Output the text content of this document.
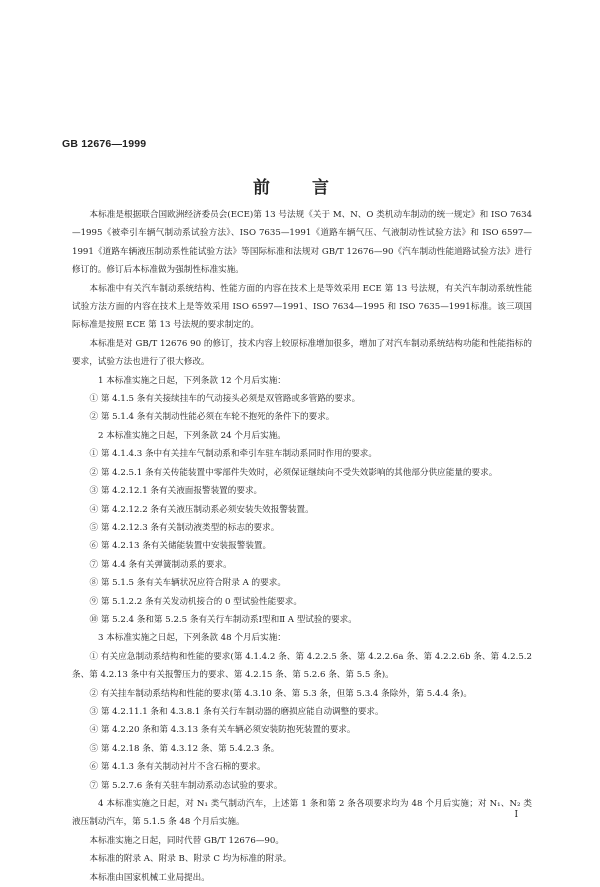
GB 12676—1999
前 言

本标准是根据联合国欧洲经济委员会(ECE)第 13 号法规《关于 M、N、O 类机动车制动的统一规定》和 ISO 7634—1995《被牵引车辆气制动系试验方法》、ISO 7635—1991《道路车辆气压、气液制动性试验方法》和 ISO 6597—1991《道路车辆液压制动系性能试验方法》等国际标准和法规对 GB/T 12676—90《汽车制动性能道路试验方法》进行修订的。修订后本标准做为强制性标准实施。

本标准中有关汽车制动系统结构、性能方面的内容在技术上是等效采用 ECE 第 13 号法规，有关汽车制动系统性能试验方法方面的内容在技术上是等效采用 ISO 6597—1991、ISO 7634—1995 和 ISO 7635—1991标准。该三项国际标准是按照 ECE 第 13 号法规的要求制定的。

本标准是对 GB/T 12676 90 的修订，技术内容上较原标准增加很多，增加了对汽车制动系统结构功能和性能指标的要求，试验方法也进行了很大修改。

1 本标准实施之日起，下列条款 12 个月后实施：

① 第 4.1.5 条有关接续挂车的气动接头必须是双管路或多管路的要求。

② 第 5.1.4 条有关制动性能必须在车轮不抱死的条件下的要求。

2 本标准实施之日起，下列条款 24 个月后实施。

① 第 4.1.4.3 条中有关挂车气制动系和牵引车驻车制动系同时作用的要求。

② 第 4.2.5.1 条有关传能装置中零部件失效时，必须保证继续向不受失效影响的其他部分供应能量的要求。

③ 第 4.2.12.1 条有关液面报警装置的要求。

④ 第 4.2.12.2 条有关液压制动系必须安装失效报警装置。

⑤ 第 4.2.12.3 条有关制动液类型的标志的要求。

⑥ 第 4.2.13 条有关储能装置中安装报警装置。

⑦ 第 4.4 条有关弹簧制动系的要求。

⑧ 第 5.1.5 条有关车辆状况应符合附录 A 的要求。

⑨ 第 5.1.2.2 条有关发动机接合的 0 型试验性能要求。

⑩ 第 5.2.4 条和第 5.2.5 条有关行车制动系Ⅰ型和Ⅱ A 型试验的要求。

3 本标准实施之日起，下列条款 48 个月后实施：

① 有关应急制动系结构和性能的要求(第 4.1.4.2 条、第 4.2.2.5 条、第 4.2.2.6a 条、第 4.2.2.6b 条、第 4.2.5.2 条、第 4.2.13 条中有关报警压力的要求、第 4.2.15 条、第 5.2.6 条、第 5.5 条)。

② 有关挂车制动系结构和性能的要求(第 4.3.10 条、第 5.3 条，但第 5.3.4 条除外，第 5.4.4 条)。

③ 第 4.2.11.1 条和 4.3.8.1 条有关行车制动器的磨损应能自动调整的要求。

④ 第 4.2.20 条和第 4.3.13 条有关车辆必须安装防抱死装置的要求。

⑤ 第 4.2.18 条、第 4.3.12 条、第 5.4.2.3 条。

⑥ 第 4.1.3 条有关制动衬片不含石棉的要求。

⑦ 第 5.2.7.6 条有关驻车制动系动态试验的要求。

4 本标准实施之日起，对 N₁ 类气制动汽车，上述第 1 条和第 2 条各项要求均为 48 个月后实施；对 N₁、N₂ 类液压制动汽车，第 5.1.5 条 48 个月后实施。

本标准实施之日起，同时代替 GB/T 12676—90。

本标准的附录 A、附录 B、附录 C 均为标准的附录。

本标准由国家机械工业局提出。

I
